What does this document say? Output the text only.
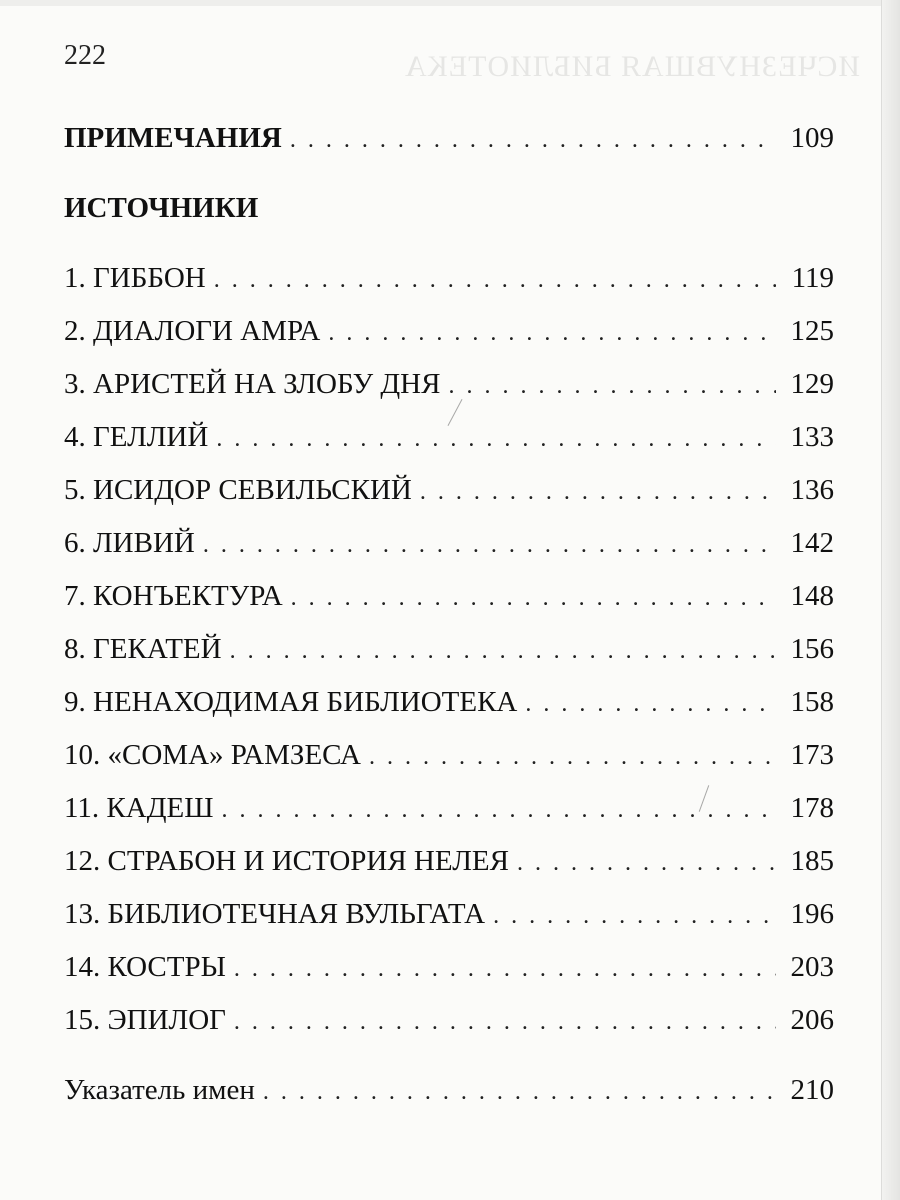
ИСЧЕЗНУВШАЯ БИБЛИОТЕКА
222
ПРИМЕЧАНИЯ . . .	109
ИСТОЧНИКИ
1. ГИББОН . . .	119
2. ДИАЛОГИ АМРА . . .	125
3. АРИСТЕЙ НА ЗЛОБУ ДНЯ . . .	129
4. ГЕЛЛИЙ . . .	133
5. ИСИДОР СЕВИЛЬСКИЙ . . .	136
6. ЛИВИЙ . . .	142
7. КОНЪЕКТУРА . . .	148
8. ГЕКАТЕЙ . . .	156
9. НЕНАХОДИМАЯ БИБЛИОТЕКА . . .	158
10. «СОМА» РАМЗЕСА . . .	173
11. КАДЕШ . . .	178
12. СТРАБОН И ИСТОРИЯ НЕЛЕЯ . . .	185
13. БИБЛИОТЕЧНАЯ ВУЛЬГАТА . . .	196
14. КОСТРЫ . . .	203
15. ЭПИЛОГ . . .	206
Указатель имен . . .	210
